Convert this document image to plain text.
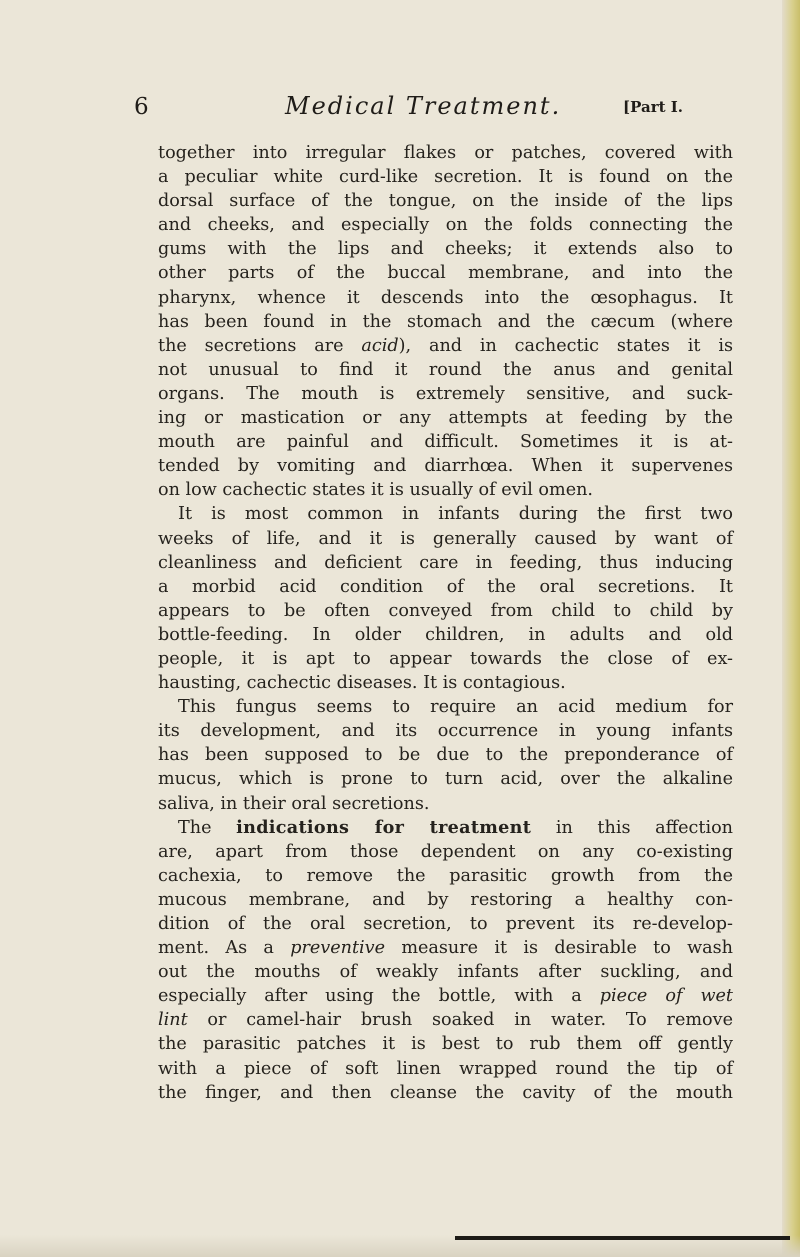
6	Medical Treatment.	[Part I.
together into irregular flakes or patches, covered with
a peculiar white curd-like secretion. It is found on the
dorsal surface of the tongue, on the inside of the lips
and cheeks, and especially on the folds connecting the
gums with the lips and cheeks; it extends also to
other parts of the buccal membrane, and into the
pharynx, whence it descends into the œsophagus. It
has been found in the stomach and the cæcum (where
the secretions are acid), and in cachectic states it is
not unusual to find it round the anus and genital
organs. The mouth is extremely sensitive, and suck-
ing or mastication or any attempts at feeding by the
mouth are painful and difficult. Sometimes it is at-
tended by vomiting and diarrhœa. When it supervenes
on low cachectic states it is usually of evil omen.
It is most common in infants during the first two
weeks of life, and it is generally caused by want of
cleanliness and deficient care in feeding, thus inducing
a morbid acid condition of the oral secretions. It
appears to be often conveyed from child to child by
bottle-feeding. In older children, in adults and old
people, it is apt to appear towards the close of ex-
hausting, cachectic diseases. It is contagious.
This fungus seems to require an acid medium for
its development, and its occurrence in young infants
has been supposed to be due to the preponderance of
mucus, which is prone to turn acid, over the alkaline
saliva, in their oral secretions.
The indications for treatment in this affection
are, apart from those dependent on any co-existing
cachexia, to remove the parasitic growth from the
mucous membrane, and by restoring a healthy con-
dition of the oral secretion, to prevent its re-develop-
ment. As a preventive measure it is desirable to wash
out the mouths of weakly infants after suckling, and
especially after using the bottle, with a piece of wet
lint or camel-hair brush soaked in water. To remove
the parasitic patches it is best to rub them off gently
with a piece of soft linen wrapped round the tip of
the finger, and then cleanse the cavity of the mouth
